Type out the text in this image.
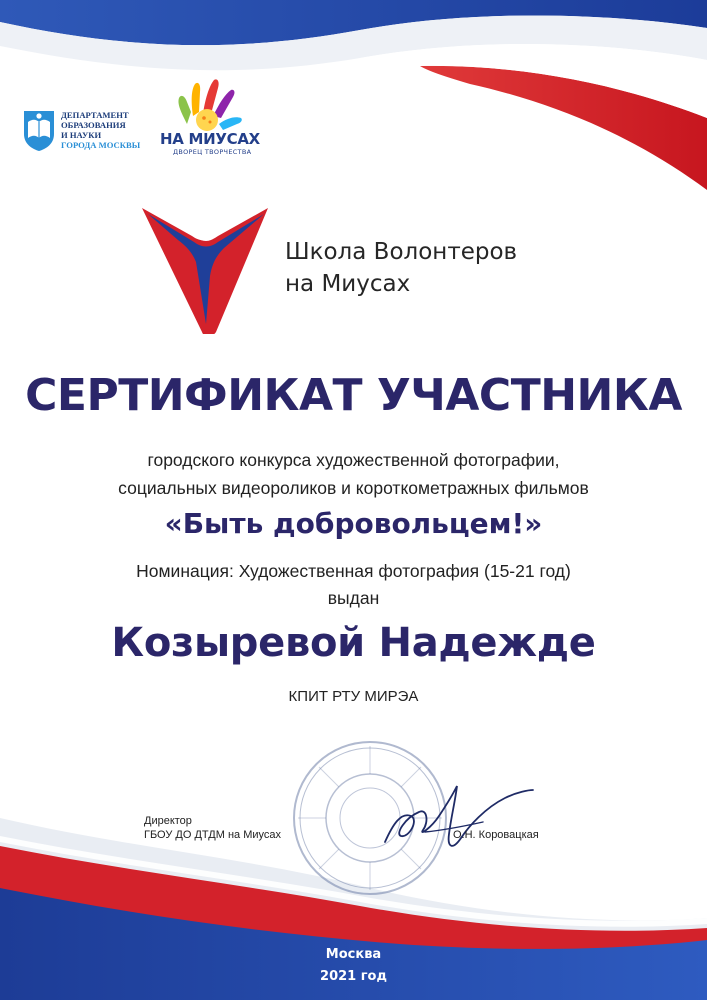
ДЕПАРТАМЕНТ
ОБРАЗОВАНИЯ
И НАУКИ
ГОРОДА МОСКВЫ НА МИУСАХ
ДВОРЕЦ ТВОРЧЕСТВА
Школа Волонтеров
на Миусах
СЕРТИФИКАТ УЧАСТНИКА
городского конкурса художественной фотографии,
социальных видеороликов и короткометражных фильмов
«Быть добровольцем!»
Номинация: Художественная фотография (15-21 год)
выдан
Козыревой Надежде
КПИТ РТУ МИРЭА
Директор
ГБОУ ДО ДТДМ на Миусах	О.Н. Коровацкая
Москва
2021 год
